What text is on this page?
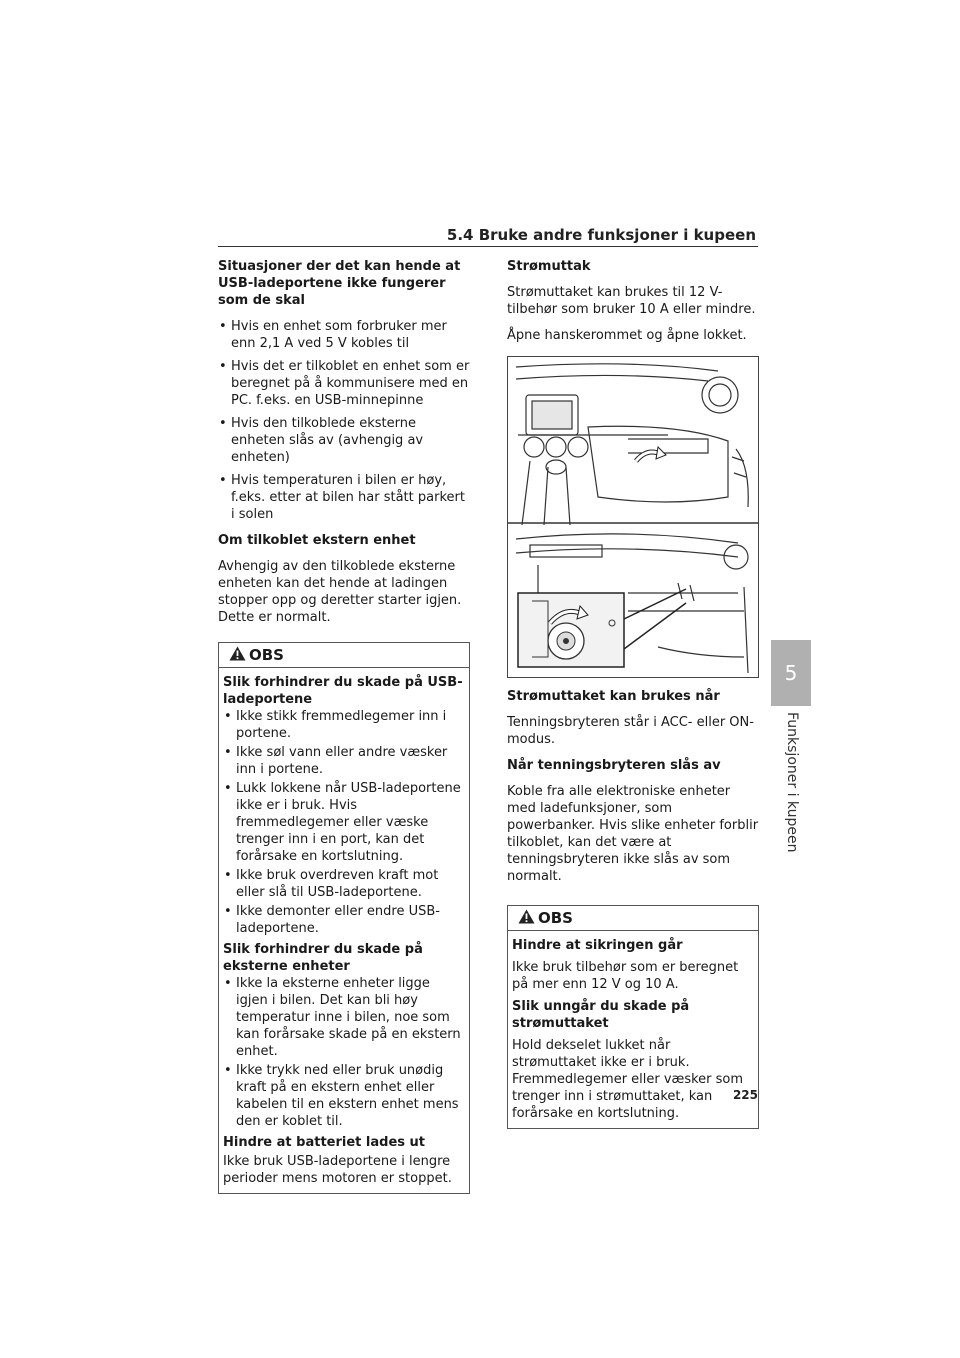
5.4 Bruke andre funksjoner i kupeen
5
Funksjoner i kupeen

Situasjoner der det kan hende at USB-ladeportene ikke fungerer som de skal

• Hvis en enhet som forbruker mer enn 2,1 A ved 5 V kobles til
• Hvis det er tilkoblet en enhet som er beregnet på å kommunisere med en PC. f.eks. en USB-minnepinne
• Hvis den tilkoblede eksterne enheten slås av (avhengig av enheten)
• Hvis temperaturen i bilen er høy, f.eks. etter at bilen har stått parkert i solen

Om tilkoblet ekstern enhet

Avhengig av den tilkoblede eksterne enheten kan det hende at ladingen stopper opp og deretter starter igjen. Dette er normalt.

OBS

Slik forhindrer du skade på USB-ladeportene

• Ikke stikk fremmedlegemer inn i portene.
• Ikke søl vann eller andre væsker inn i portene.
• Lukk lokkene når USB-ladeportene ikke er i bruk. Hvis fremmedlegemer eller væske trenger inn i en port, kan det forårsake en kortslutning.
• Ikke bruk overdreven kraft mot eller slå til USB-ladeportene.
• Ikke demonter eller endre USB-ladeportene.

Slik forhindrer du skade på eksterne enheter

• Ikke la eksterne enheter ligge igjen i bilen. Det kan bli høy temperatur inne i bilen, noe som kan forårsake skade på en ekstern enhet.
• Ikke trykk ned eller bruk unødig kraft på en ekstern enhet eller kabelen til en ekstern enhet mens den er koblet til.

Hindre at batteriet lades ut

Ikke bruk USB-ladeportene i lengre perioder mens motoren er stoppet.

Strømuttak

Strømuttaket kan brukes til 12 V-tilbehør som bruker 10 A eller mindre.

Åpne hanskerommet og åpne lokket.

Strømuttaket kan brukes når

Tenningsbryteren står i ACC- eller ON-modus.

Når tenningsbryteren slås av

Koble fra alle elektroniske enheter med ladefunksjoner, som powerbanker. Hvis slike enheter forblir tilkoblet, kan det være at tenningsbryteren ikke slås av som normalt.

OBS

Hindre at sikringen går

Ikke bruk tilbehør som er beregnet på mer enn 12 V og 10 A.

Slik unngår du skade på strømuttaket

Hold dekselet lukket når strømuttaket ikke er i bruk. Fremmedlegemer eller væsker som trenger inn i strømuttaket, kan forårsake en kortslutning.

225
